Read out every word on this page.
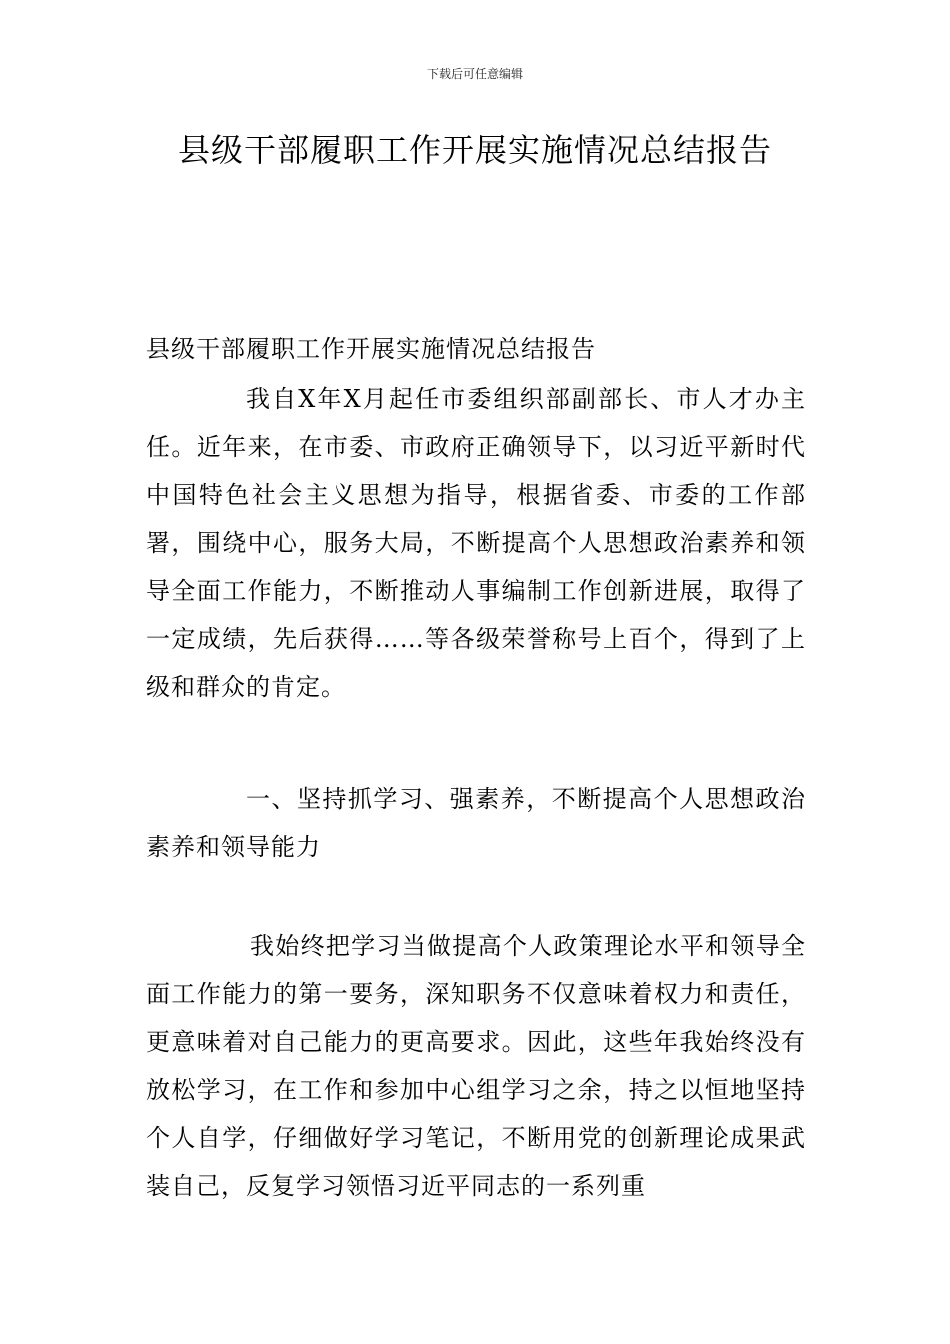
下载后可任意编辑
县级干部履职工作开展实施情况总结报告

县级干部履职工作开展实施情况总结报告

我自X年X月起任市委组织部副部长、市人才办主任。近年来，在市委、市政府正确领导下，以习近平新时代中国特色社会主义思想为指导，根据省委、市委的工作部署，围绕中心，服务大局，不断提高个人思想政治素养和领导全面工作能力，不断推动人事编制工作创新进展，取得了一定成绩，先后获得……等各级荣誉称号上百个，得到了上级和群众的肯定。

一、坚持抓学习、强素养，不断提高个人思想政治素养和领导能力

我始终把学习当做提高个人政策理论水平和领导全面工作能力的第一要务，深知职务不仅意味着权力和责任，更意味着对自己能力的更高要求。因此，这些年我始终没有放松学习，在工作和参加中心组学习之余，持之以恒地坚持个人自学，仔细做好学习笔记，不断用党的创新理论成果武装自己，反复学习领悟习近平同志的一系列重
